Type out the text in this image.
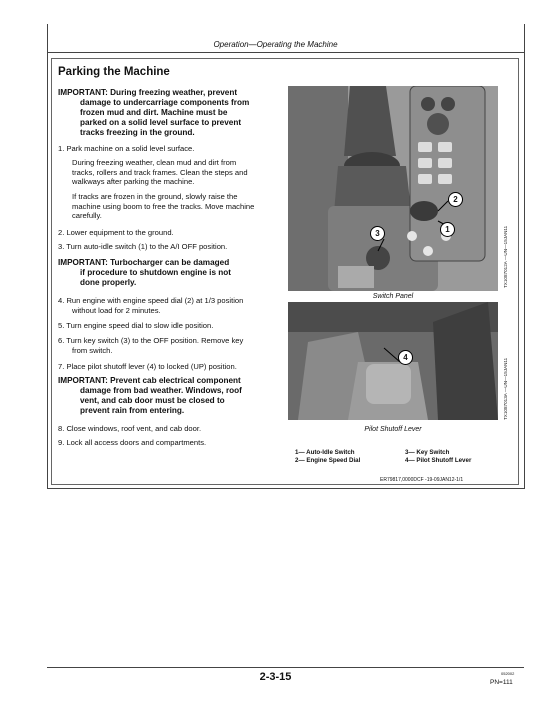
Operation—Operating the Machine
Parking the Machine
IMPORTANT: During freezing weather, prevent
damage to undercarriage components from
frozen mud and dirt. Machine must be
parked on a solid level surface to prevent
tracks freezing in the ground.
1. Park machine on a solid level surface.
During freezing weather, clean mud and dirt from
tracks, rollers and track frames. Clean the steps and
walkways after parking the machine.
If tracks are frozen in the ground, slowly raise the
machine using boom to free the tracks. Move machine
carefully.
2. Lower equipment to the ground.
3. Turn auto-idle switch (1) to the A/I OFF position.
IMPORTANT: Turbocharger can be damaged
if procedure to shutdown engine is not
done properly.
4. Run engine with engine speed dial (2) at 1/3 position
without load for 2 minutes.
5. Turn engine speed dial to slow idle position.
6. Turn key switch (3) to the OFF position. Remove key
from switch.
7. Place pilot shutoff lever (4) to locked (UP) position.
IMPORTANT: Prevent cab electrical component
damage from bad weather. Windows, roof
vent, and cab door must be closed to
prevent rain from entering.
8. Close windows, roof vent, and cab door.
9. Lock all access doors and compartments.
3	1
2
Switch Panel
TX1087012A —UN—15JAN11
4
Pilot Shutoff Lever
TX1087013A —UN—15JAN11
1— Auto-Idle Switch
2— Engine Speed Dial
3— Key Switch
4— Pilot Shutoff Lever
ER79817,0000DCF -19-09JAN12-1/1
2-3-15	052002
PN=111
